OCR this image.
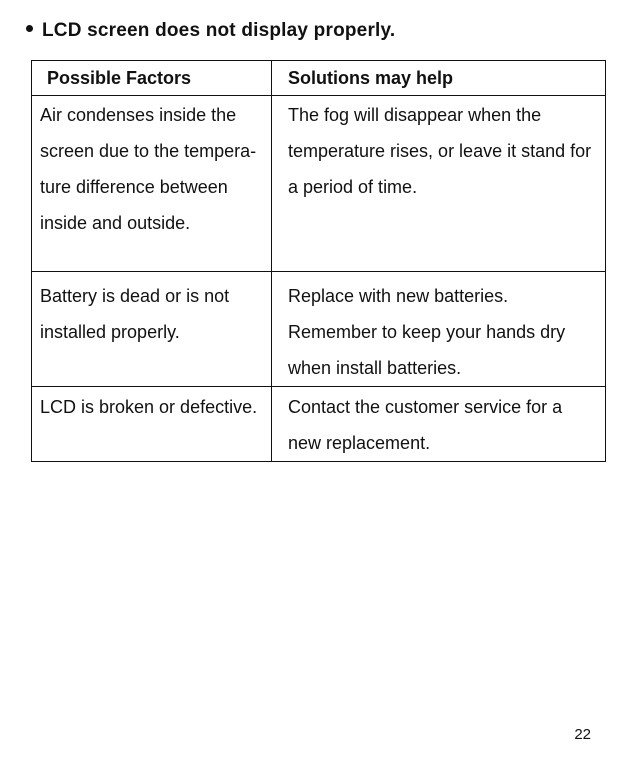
LCD screen does not display properly.
Possible Factors	Solutions may help

Air condenses inside the
screen due to the tempera-
ture difference between
inside and outside.	The fog will disappear when the
temperature rises, or leave it stand for
a period of time.

Battery is dead or is not
installed properly.	Replace with new batteries.
Remember to keep your hands dry
when install batteries.

LCD is broken or defective.	Contact the customer service for a
new replacement.
22
